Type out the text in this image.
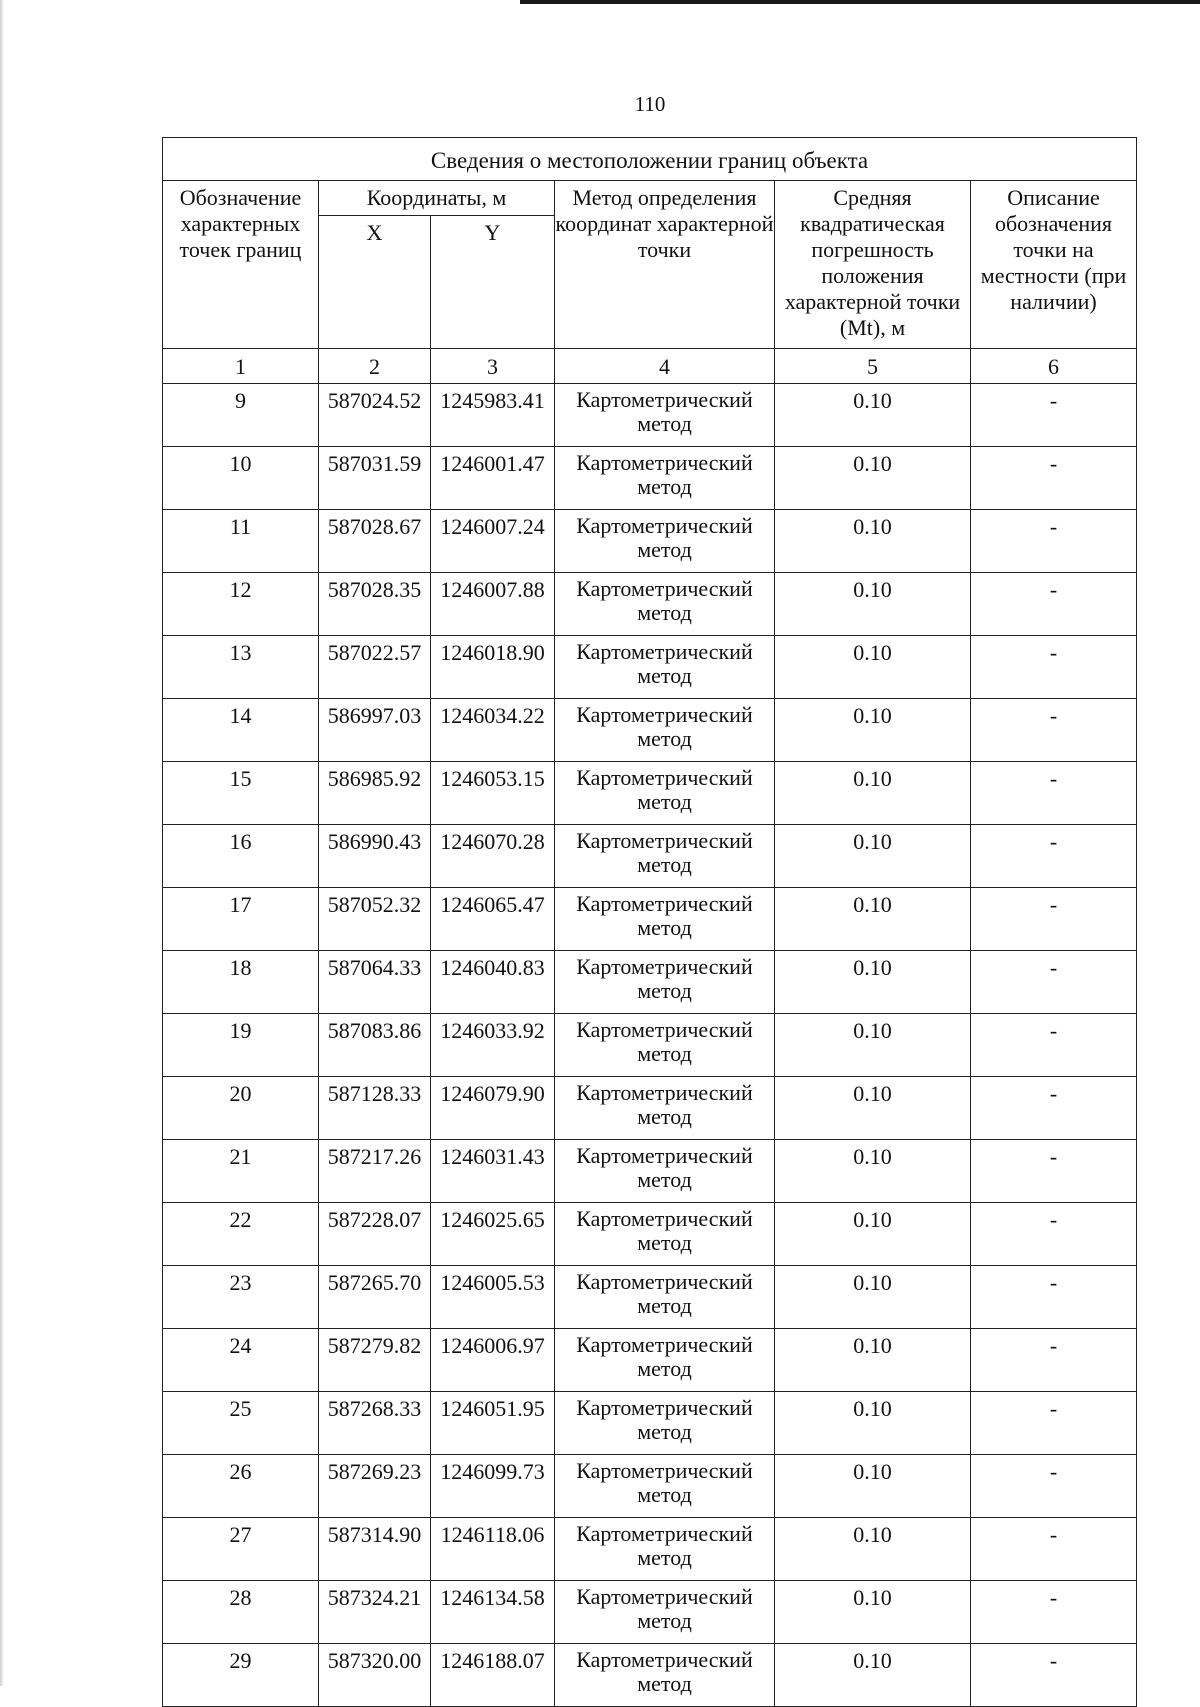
110
Сведения о местоположении границ объекта					
Обозначение характерных точек границ	Координаты, м		Метод определения координат характерной точки	Средняя квадратическая погрешность положения характерной точки (Mt), м	Описание обозначения точки на местности (при наличии)
	X	Y			
1	2	3	4	5	6
9	587024.52	1245983.41	Картометрический метод	0.10	-
10	587031.59	1246001.47	Картометрический метод	0.10	-
11	587028.67	1246007.24	Картометрический метод	0.10	-
12	587028.35	1246007.88	Картометрический метод	0.10	-
13	587022.57	1246018.90	Картометрический метод	0.10	-
14	586997.03	1246034.22	Картометрический метод	0.10	-
15	586985.92	1246053.15	Картометрический метод	0.10	-
16	586990.43	1246070.28	Картометрический метод	0.10	-
17	587052.32	1246065.47	Картометрический метод	0.10	-
18	587064.33	1246040.83	Картометрический метод	0.10	-
19	587083.86	1246033.92	Картометрический метод	0.10	-
20	587128.33	1246079.90	Картометрический метод	0.10	-
21	587217.26	1246031.43	Картометрический метод	0.10	-
22	587228.07	1246025.65	Картометрический метод	0.10	-
23	587265.70	1246005.53	Картометрический метод	0.10	-
24	587279.82	1246006.97	Картометрический метод	0.10	-
25	587268.33	1246051.95	Картометрический метод	0.10	-
26	587269.23	1246099.73	Картометрический метод	0.10	-
27	587314.90	1246118.06	Картометрический метод	0.10	-
28	587324.21	1246134.58	Картометрический метод	0.10	-
29	587320.00	1246188.07	Картометрический метод	0.10	-
